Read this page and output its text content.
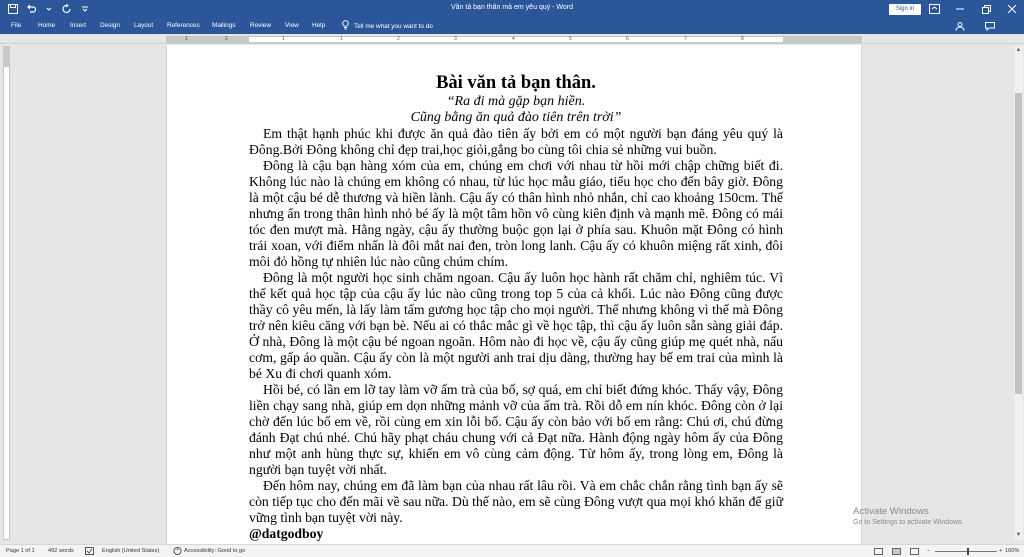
Văn tả bạn thân mà em yêu quý - Word	Sign in
File	Home Insert Design Layout References Mailings Review View Help	Tell me what you want to do
1	2	1	1	2	3	4	5	6	7	8
Bài văn tả bạn thân.
“Ra đi mà gặp bạn hiền.
Cũng bằng ăn quả đào tiên trên trời”

Em thật hạnh phúc khi được ăn quả đào tiên ấy bởi em có một người bạn đáng yêu quý là Đông.Bởi Đông không chỉ đẹp trai,học giỏi,gắng bo cùng tôi chia sẻ những vui buồn.

Đông là cậu bạn hàng xóm của em, chúng em chơi với nhau từ hồi mới chập chững biết đi. Không lúc nào là chúng em không có nhau, từ lúc học mẫu giáo, tiểu học cho đến bây giờ. Đông là một cậu bé dễ thương và hiền lành. Cậu ấy có thân hình nhỏ nhắn, chỉ cao khoảng 150cm. Thế nhưng ẩn trong thân hình nhỏ bé ấy là một tâm hồn vô cùng kiên định và mạnh mẽ. Đông có mái tóc đen mượt mà. Hằng ngày, cậu ấy thường buộc gọn lại ở phía sau. Khuôn mặt Đông có hình trái xoan, với điểm nhấn là đôi mắt nai đen, tròn long lanh. Cậu ấy có khuôn miệng rất xinh, đôi môi đỏ hồng tự nhiên lúc nào cũng chúm chím.

Đông là một người học sinh chăm ngoan. Cậu ấy luôn học hành rất chăm chỉ, nghiêm túc. Vì thế kết quả học tập của cậu ấy lúc nào cũng trong top 5 của cả khối. Lúc nào Đông cũng được thầy cô yêu mến, là lấy làm tấm gương học tập cho mọi người. Thế nhưng không vì thế mà Đông trở nên kiêu căng với bạn bè. Nếu ai có thắc mắc gì về học tập, thì cậu ấy luôn sẵn sàng giải đáp. Ở nhà, Đông là một cậu bé ngoan ngoãn. Hôm nào đi học về, cậu ấy cũng giúp mẹ quét nhà, nấu cơm, gấp áo quần. Cậu ấy còn là một người anh trai dịu dàng, thường hay bế em trai của mình là bé Xu đi chơi quanh xóm.

Hồi bé, có lần em lỡ tay làm vỡ ấm trà của bố, sợ quá, em chỉ biết đứng khóc. Thấy vậy, Đông liền chạy sang nhà, giúp em dọn những mảnh vỡ của ấm trà. Rồi dỗ em nín khóc. Đông còn ở lại chờ đến lúc bố em về, rồi cùng em xin lỗi bố. Cậu ấy còn bảo với bố em rằng: Chú ơi, chú đừng đánh Đạt chú nhé. Chú hãy phạt cháu chung với cả Đạt nữa. Hành động ngày hôm ấy của Đông như một anh hùng thực sự, khiến em vô cùng cảm động. Từ hôm ấy, trong lòng em, Đông là người bạn tuyệt vời nhất.

Đến hôm nay, chúng em đã làm bạn của nhau rất lâu rồi. Và em chắc chắn rằng tình bạn ấy sẽ còn tiếp tục cho đến mãi về sau nữa. Dù thế nào, em sẽ cùng Đông vượt qua mọi khó khăn để giữ vững tình bạn tuyệt vời này.

@datgodboy
▲
▼
Activate Windows
Go to Settings to activate Windows.
Page 1 of 1 492 words	English (United States)	Accessibility: Good to go	−	+ 160%
